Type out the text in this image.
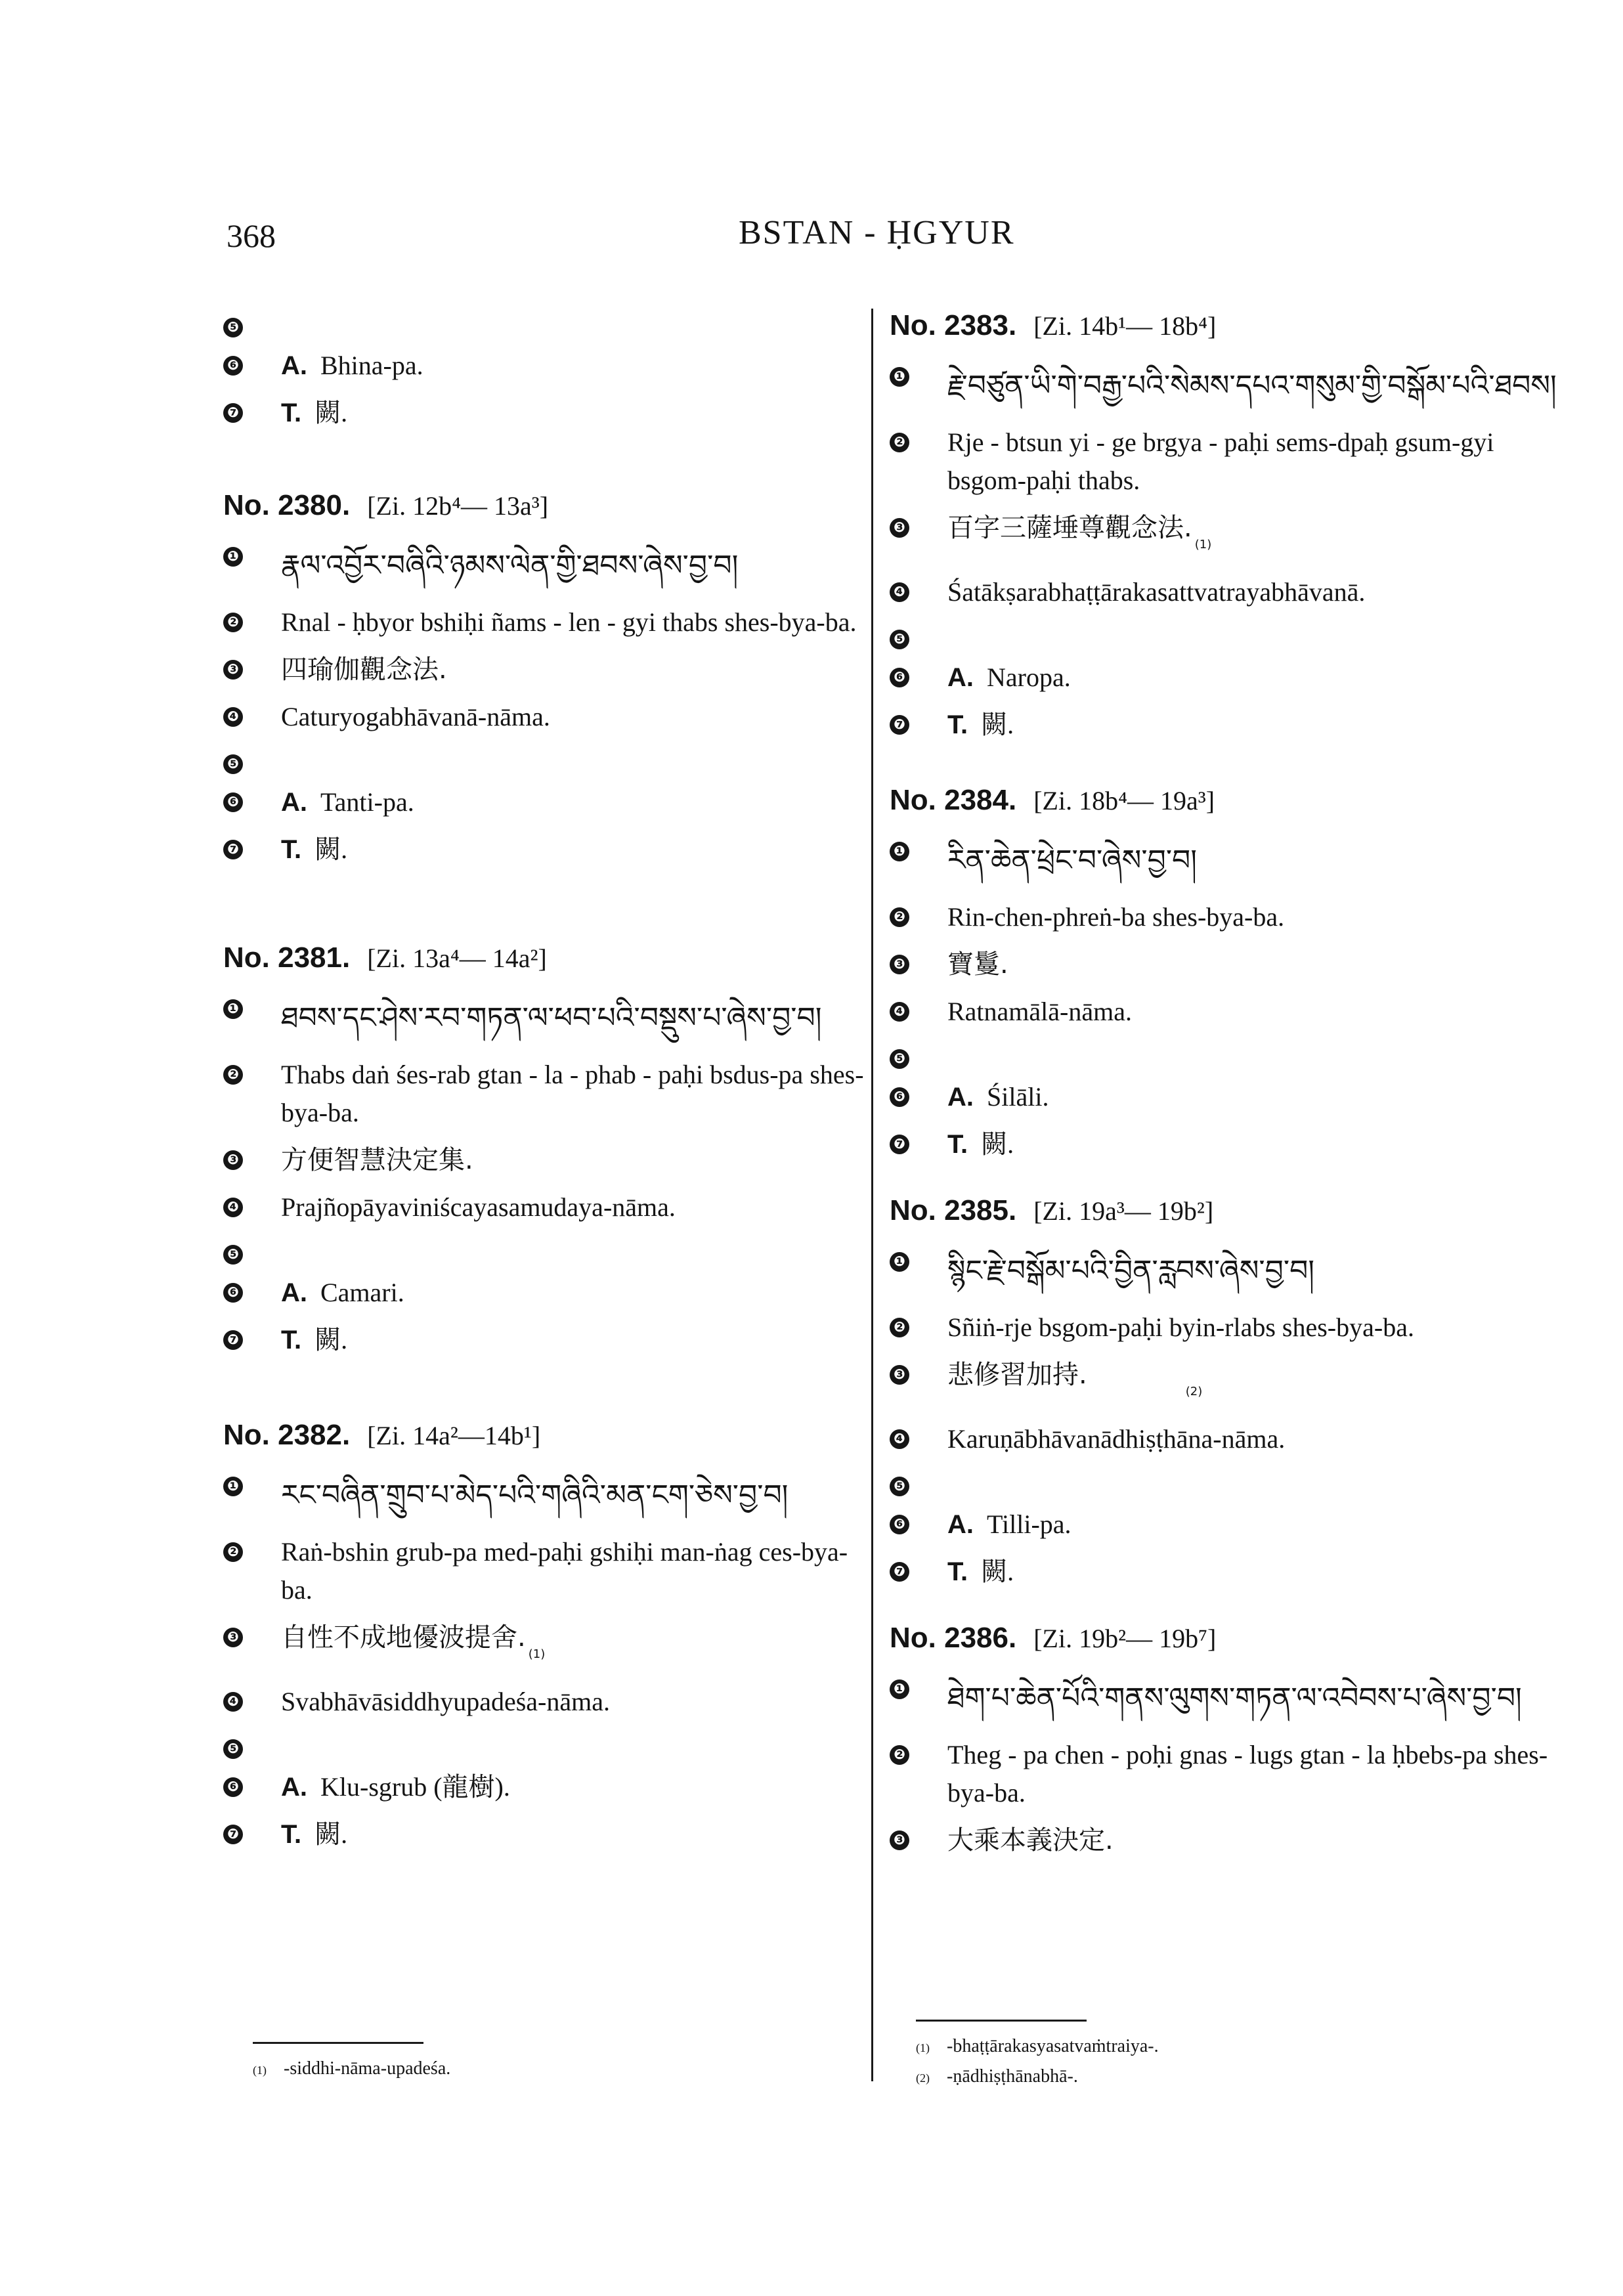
368	BSTAN - ḤGYUR
❺
❻ A. Bhina-pa.
❼ T. 闕.
No. 2380. [Zi. 12b⁴— 13a³]
❶ རྣལ་འབྱོར་བཞིའི་ཉམས་ལེན་གྱི་ཐབས་ཞེས་བྱ་བ།
❷ Rnal - ḥbyor bshiḥi ñams - len - gyi thabs shes-bya-ba.
❸ 四瑜伽觀念法.
❹ Caturyogabhāvanā-nāma.
❺
❻ A. Tanti-pa.
❼ T. 闕.
No. 2381. [Zi. 13a⁴— 14a²]
❶ ཐབས་དང་ཤེས་རབ་གཏན་ལ་ཕབ་པའི་བསྡུས་པ་ཞེས་བྱ་བ།
❷ Thabs daṅ śes-rab gtan - la - phab - paḥi bsdus-pa shes-bya-ba.
❸ 方便智慧決定集.
❹ Prajñopāyaviniścayasamudaya-nāma.
❺
❻ A. Camari.
❼ T. 闕.
No. 2382. [Zi. 14a²—14b¹]
❶ རང་བཞིན་གྲུབ་པ་མེད་པའི་གཞིའི་མན་ངག་ཅེས་བྱ་བ།
❷ Raṅ-bshin grub-pa med-paḥi gshiḥi man-ṅag ces-bya-ba.
❸ 自性不成地優波提舍$._{(1)}$
❹ Svabhāvāsiddhyupadeśa-nāma.
❺
❻ A. Klu-sgrub (龍樹).
❼ T. 闕.
(1) -siddhi-nāma-upadeśa.
No. 2383. [Zi. 14b¹— 18b⁴]
❶ རྗེ་བཙུན་ཡི་གེ་བརྒྱ་པའི་སེམས་དཔའ་གསུམ་གྱི་བསྒོམ་པའི་ཐབས།
❷ Rje - btsun yi - ge brgya - paḥi sems-dpaḥ gsum-gyi bsgom-paḥi thabs.
❸ 百字三薩埵尊觀念法$._{(1)}$
❹ Śatākṣarabhaṭṭārakasattvatrayabhāvanā.
❺
❻ A. Naropa.
❼ T. 闕.
No. 2384. [Zi. 18b⁴— 19a³]
❶ རིན་ཆེན་ཕྲེང་བ་ཞེས་བྱ་བ།
❷ Rin-chen-phreṅ-ba shes-bya-ba.
❸ 寶鬘.
❹ Ratnamālā-nāma.
❺
❻ A. Śilāli.
❼ T. 闕.
No. 2385. [Zi. 19a³— 19b²]
❶ སྙིང་རྗེ་བསྒོམ་པའི་བྱིན་རླབས་ཞེས་བྱ་བ།
❷ Sñiṅ-rje bsgom-paḥi byin-rlabs shes-bya-ba.
❸ 悲修習加持$._{(2)}$
❹ Karuṇābhāvanādhiṣṭhāna-nāma.
❺
❻ A. Tilli-pa.
❼ T. 闕.
No. 2386. [Zi. 19b²— 19b⁷]
❶ ཐེག་པ་ཆེན་པོའི་གནས་ལུགས་གཏན་ལ་འབེབས་པ་ཞེས་བྱ་བ།
❷ Theg - pa chen - poḥi gnas - lugs gtan - la ḥbebs-pa shes-bya-ba.
❸ 大乘本義決定.
(1) -bhaṭṭārakasyasatvaṁtraiya-.
(2) -ṇādhiṣṭhānabhā-.
